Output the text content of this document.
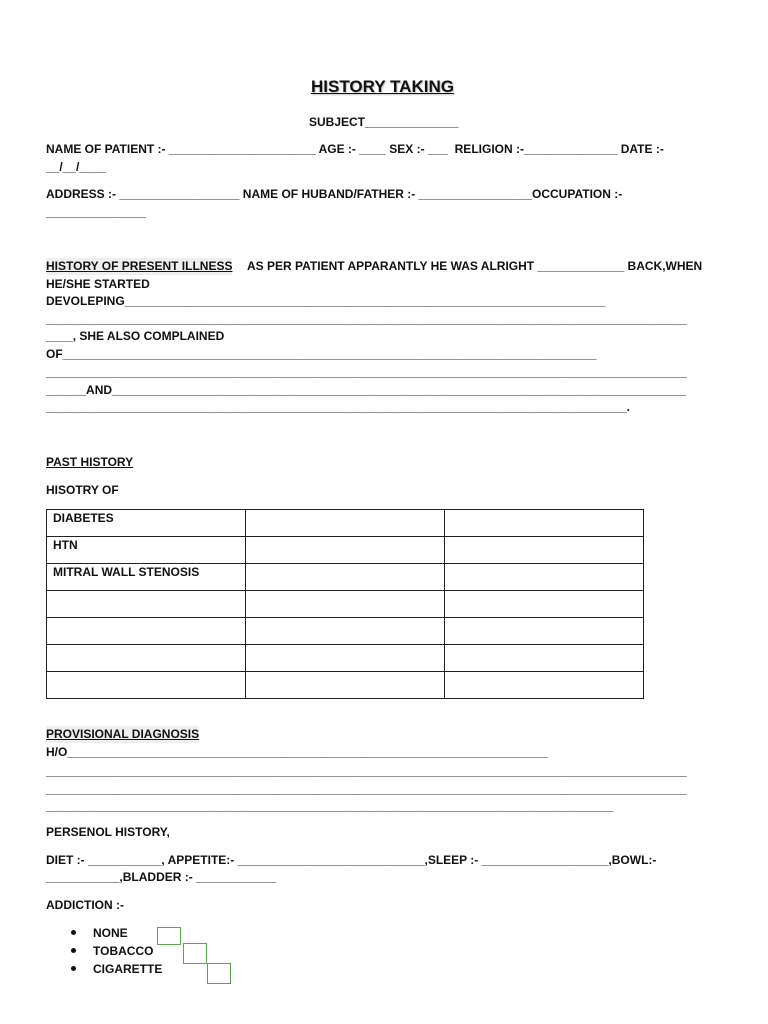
HISTORY TAKING
SUBJECT______________
NAME OF PATIENT :- ______________________ AGE :- ____ SEX :- ___  RELIGION :-______________ DATE :-
__/__/____
ADDRESS :- __________________ NAME OF HUBAND/FATHER :- _________________OCCUPATION :-
_______________
HISTORY OF PRESENT ILLNESS AS PER PATIENT APPARANTLY HE WAS ALRIGHT _____________ BACK,WHEN
HE/SHE STARTED
DEVOLEPING________________________________________________________________________
________________________________________________________________________________________________
____, SHE ALSO COMPLAINED
OF________________________________________________________________________________
________________________________________________________________________________________________
______AND______________________________________________________________________________________
_______________________________________________________________________________________.
PAST HISTORY
HISOTRY OF
DIABETES		
HTN		
MITRAL WALL STENOSIS		

PROVISIONAL DIAGNOSIS
H/O________________________________________________________________________
________________________________________________________________________________________________
________________________________________________________________________________________________
_____________________________________________________________________________________
PERSENOL HISTORY,
DIET :- ___________, APPETITE:- ____________________________,SLEEP :- ___________________,BOWL:-
___________,BLADDER :- ____________
ADDICTION :-
NONE
TOBACCO
CIGARETTE
